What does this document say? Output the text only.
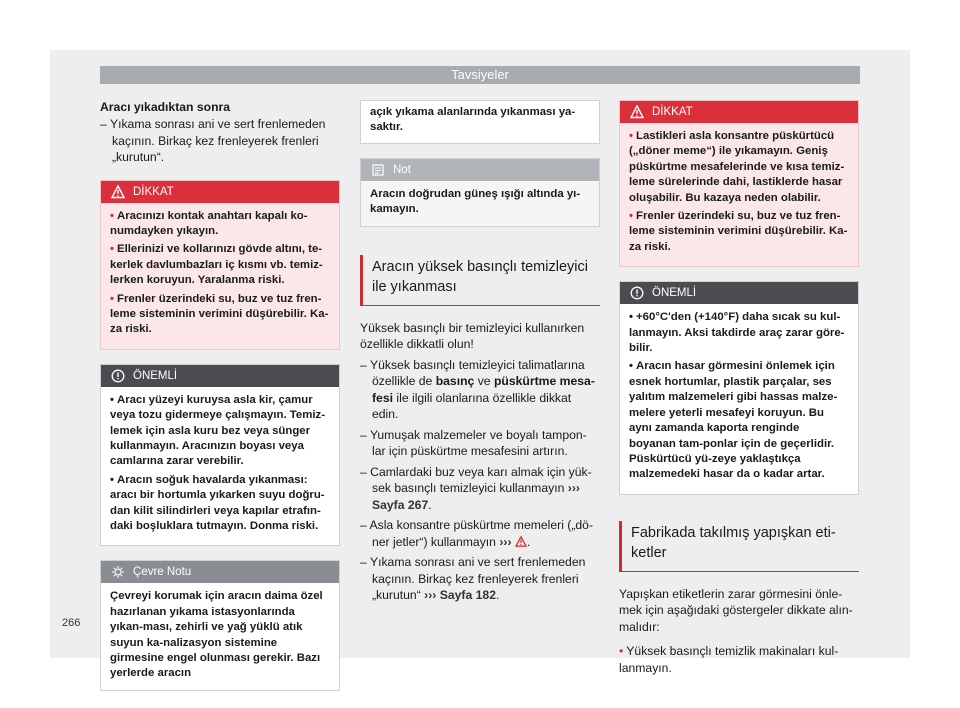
Tavsiyeler
Aracı yıkadıktan sonra
– Yıkama sonrası ani ve sert frenlemeden kaçının. Birkaç kez frenleyerek frenleri „kurutun“.
DİKKAT
• Aracınızı kontak anahtarı kapalı ko-numdayken yıkayın.
• Ellerinizi ve kollarınızı gövde altını, te-kerlek davlumbazları iç kısmı vb. temiz-lerken koruyun. Yaralanma riski.
• Frenler üzerindeki su, buz ve tuz fren-leme sisteminin verimini düşürebilir. Ka-za riski.
ÖNEMLİ
• Aracı yüzeyi kuruysa asla kir, çamur veya tozu gidermeye çalışmayın. Temiz-lemek için asla kuru bez veya sünger kullanmayın. Aracınızın boyası veya camlarına zarar verebilir.
• Aracın soğuk havalarda yıkanması: aracı bir hortumla yıkarken suyu doğru-dan kilit silindirleri veya kapılar etrafın-daki boşluklara tutmayın. Donma riski.
Çevre Notu

Çevreyi korumak için aracın daima özel hazırlanan yıkama istasyonlarında yıkan-ması, zehirli ve yağ yüklü atık suyun ka-nalizasyon sistemine girmesine engel olunması gerekir. Bazı yerlerde aracın

açık yıkama alanlarında yıkanması ya-saktır.

Not

Aracın doğrudan güneş ışığı altında yı-kamayın.

Aracın yüksek basınçlı temizleyici
ile yıkanması

Yüksek basınçlı bir temizleyici kullanırken özellikle dikkatli olun!

– Yüksek basınçlı temizleyici talimatlarına özellikle de basınç ve püskürtme mesa-fesi ile ilgili olanlarına özellikle dikkat edin.
– Yumuşak malzemeler ve boyalı tampon-lar için püskürtme mesafesini artırın.
– Camlardaki buz veya karı almak için yük-sek basınçlı temizleyici kullanmayın ››› Sayfa 267.
– Asla konsantre püskürtme memeleri („dö-ner jetler“) kullanmayın ››› .
– Yıkama sonrası ani ve sert frenlemeden kaçının. Birkaç kez frenleyerek frenleri „kurutun“ ››› Sayfa 182.
DİKKAT
• Lastikleri asla konsantre püskürtücü („döner meme“) ile yıkamayın. Geniş püskürtme mesafelerinde ve kısa temiz-leme sürelerinde dahi, lastiklerde hasar oluşabilir. Bu kazaya neden olabilir.
• Frenler üzerindeki su, buz ve tuz fren-leme sisteminin verimini düşürebilir. Ka-za riski.
ÖNEMLİ
• +60°C'den (+140°F) daha sıcak su kul-lanmayın. Aksi takdirde araç zarar göre-bilir.
• Aracın hasar görmesini önlemek için esnek hortumlar, plastik parçalar, ses yalıtım malzemeleri gibi hassas malze-melere yeterli mesafeyi koruyun. Bu aynı zamanda kaporta renginde boyanan tam-ponlar için de geçerlidir. Püskürtücü yü-zeye yaklaştıkça malzemedeki hasar da o kadar artar.
Fabrikada takılmış yapışkan eti-
ketler

Yapışkan etiketlerin zarar görmesini önle-mek için aşağıdaki göstergeler dikkate alın-malıdır:

• Yüksek basınçlı temizlik makinaları kul-lanmayın.
266
